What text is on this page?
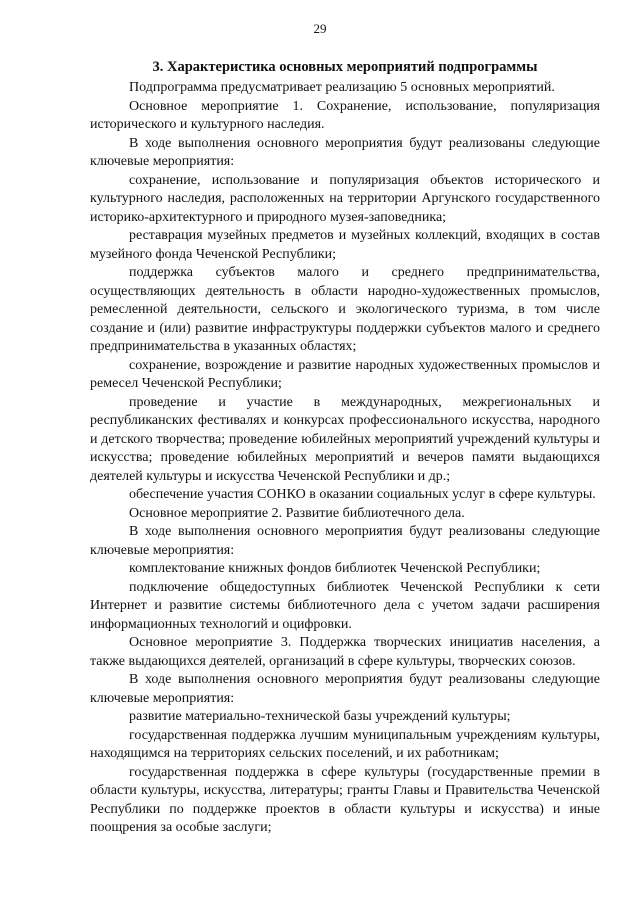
29
3. Характеристика основных мероприятий подпрограммы

Подпрограмма предусматривает реализацию 5 основных мероприятий.

Основное мероприятие 1. Сохранение, использование, популяризация исторического и культурного наследия.

В ходе выполнения основного мероприятия будут реализованы следующие ключевые мероприятия:

сохранение, использование и популяризация объектов исторического и культурного наследия, расположенных на территории Аргунского государственного историко-архитектурного и природного музея-заповедника;

реставрация музейных предметов и музейных коллекций, входящих в состав музейного фонда Чеченской Республики;

поддержка субъектов малого и среднего предпринимательства, осуществляющих деятельность в области народно-художественных промыслов, ремесленной деятельности, сельского и экологического туризма, в том числе создание и (или) развитие инфраструктуры поддержки субъектов малого и среднего предпринимательства в указанных областях;

сохранение, возрождение и развитие народных художественных промыслов и ремесел Чеченской Республики;

проведение и участие в международных, межрегиональных и республиканских фестивалях и конкурсах профессионального искусства, народного и детского творчества; проведение юбилейных мероприятий учреждений культуры и искусства; проведение юбилейных мероприятий и вечеров памяти выдающихся деятелей культуры и искусства Чеченской Республики и др.;

обеспечение участия СОНКО в оказании социальных услуг в сфере культуры.

Основное мероприятие 2. Развитие библиотечного дела.

В ходе выполнения основного мероприятия будут реализованы следующие ключевые мероприятия:

комплектование книжных фондов библиотек Чеченской Республики;

подключение общедоступных библиотек Чеченской Республики к сети Интернет и развитие системы библиотечного дела с учетом задачи расширения информационных технологий и оцифровки.

Основное мероприятие 3. Поддержка творческих инициатив населения, а также выдающихся деятелей, организаций в сфере культуры, творческих союзов.

В ходе выполнения основного мероприятия будут реализованы следующие ключевые мероприятия:

развитие материально-технической базы учреждений культуры;

государственная поддержка лучшим муниципальным учреждениям культуры, находящимся на территориях сельских поселений, и их работникам;

государственная поддержка в сфере культуры (государственные премии в области культуры, искусства, литературы; гранты Главы и Правительства Чеченской Республики по поддержке проектов в области культуры и искусства) и иные поощрения за особые заслуги;
